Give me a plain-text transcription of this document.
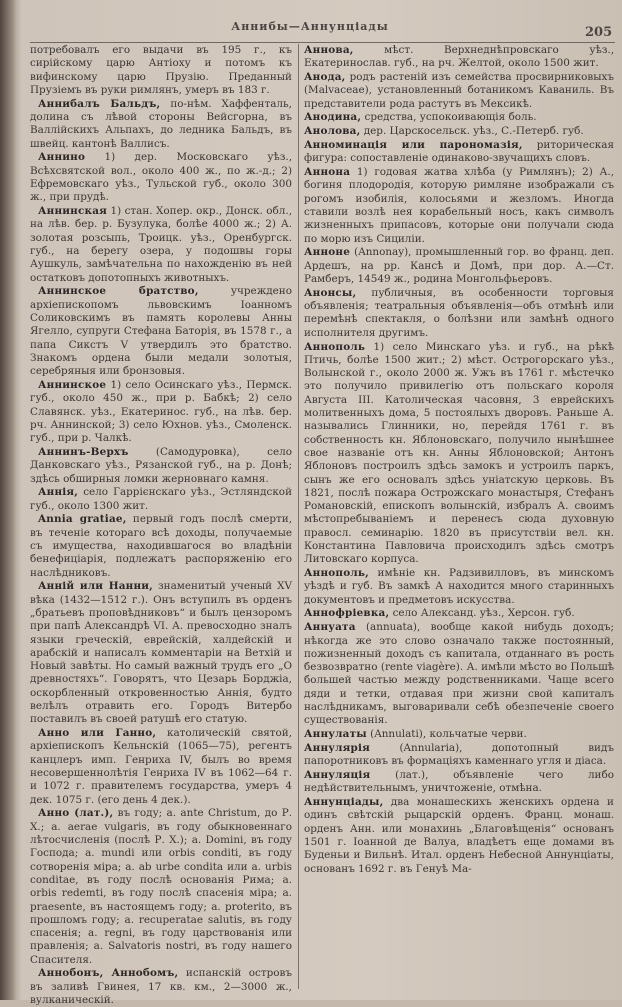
Аннибы—Аннунціады	205

потребовалъ его выдачи въ 195 г., къ сирійскому царю Антіоху и потомъ къ вифинскому царю Прузію. Преданный Прузіемъ въ руки римлянъ, умеръ въ 183 г.

Аннибалъ Бальдъ, по-нѣм. Хаффенталь, долина съ лѣвой стороны Вейсгорна, въ Валлійскихъ Альпахъ, до ледника Бальдъ, въ швейц. кантонѣ Валлисъ.

Аннино 1) дер. Московскаго уѣз., Всѣхсвятской вол., около 400 ж., по ж.-д.; 2) Ефремовскаго уѣз., Тульской губ., около 300 ж., при прудѣ.

Аннинская 1) стан. Хопер. окр., Донск. обл., на лѣв. бер. р. Бузулука, болѣе 4000 ж.; 2) А. золотая розсыпь, Троицк. уѣз., Оренбургск. губ., на берегу озера, у подошвы горы Аушкуль, замѣчательна по нахожденію въ ней остатковъ допотопныхъ животныхъ.

Аннинское братство,	учреждено архіепископомъ львовскимъ Іоанномъ Соликовскимъ въ память королевы Анны Ягелло, супруги Стефана Баторія, въ 1578 г., а папа Сикстъ V утвердилъ это братство. Знакомъ ордена были медали золотыя, серебряныя или бронзовыя.

Аннинское 1) село Осинскаго уѣз., Пермск. губ., около 450 ж., при р. Бабкѣ; 2) село Славянск. уѣз., Екатеринос. губ., на лѣв. бер. рч. Аннинской; 3) село Юхнов. уѣз., Смоленск. губ., при р. Чалкѣ.

Аннинъ-Верхъ	(Самодуровка), село Данковскаго уѣз., Рязанской губ., на р. Донѣ; здѣсь обширныя ломки жерновнаго камня.

Аннія, село Гаррієнскаго уѣз., Эстляндской губ., около 1300 жит.

Annia gratiae, первый годъ послѣ смерти, въ теченіе котораго всѣ доходы, получаемые съ имущества, находившагося во владѣніи бенефиціарія, подлежатъ распоряженію его наслѣдниковъ.

Анній или Нанни, знаменитый ученый XV вѣка (1432—1512 г.). Онъ вступилъ въ орденъ „братьевъ проповѣдниковъ“ и былъ цензоромъ при папѣ Александрѣ VI. А. превосходно зналъ языки греческій, еврейскій, халдейскій и арабскій и написалъ комментаріи на Ветхій и Новый завѣты. Но самый важный трудъ его „О древностяхъ“. Говорятъ, что Цезарь Борджіа, оскорбленный откровенностью Аннія, будто велѣлъ отравить его. Городъ Витербо поставилъ въ своей ратушѣ его статую.

Анно или Ганно, католическій святой, архіепископъ Кельнскій (1065—75), регентъ канцлеръ имп. Генриха IV, былъ во время несовершеннолѣтія Генриха IV въ 1062—64 г. и 1072 г. правителемъ государства, умеръ 4 дек. 1075 г. (его день 4 дек.).

Анно (лат.), въ году; a. ante Christum, до Р. Х.; a. aerae vulgaris, въ году обыкновеннаго лѣтосчисленія (послѣ Р. Х.); a. Domini, въ году Господа; a. mundi или orbis conditi, въ году сотворенія міра; a. ab urbe condita или a. urbis conditae, въ году послѣ основанія Рима; a. orbis redemti, въ году послѣ спасенія міра; a. praesente, въ настоящемъ году; a. proterito, въ прошломъ году; a. recuperatae salutis, въ году спасенія; a. regni, въ году царствованія или правленія; a. Salvatoris nostri, въ году нашего Спасителя.

Аннобонъ, Аннобомъ, испанскій островъ въ заливѣ Гвинея, 17 кв. км., 2—3000 ж., вулканическій.

Аннова,	мѣст. Верхнеднѣпровскаго уѣз., Екатеринослав. губ., на рч. Желтой, около 1500 жит.

Анода, родъ растеній изъ семейства просвирниковыхъ (Malvaceae), установленный ботаникомъ Каваниль. Въ представители рода растутъ въ Мексикѣ.

Анодина, средства, успокоивающія боль.

Анолова, дер. Царскосельск. уѣз., С.-Петерб. губ.

Анноминація или парономазія, риторическая фигура: сопоставленіе одинаково-звучащихъ словъ.

Аннона 1) годовая жатва хлѣба (у Римлянъ); 2) А., богиня плодородія, которую римляне изображали съ рогомъ изобилія, колосьями и жезломъ. Иногда ставили возлѣ нея корабельный носъ, какъ символъ жизненныхъ припасовъ, которые они получали сюда по морю изъ Сициліи.

Анноне (Annonay), промышленный гор. во франц. деп. Ардешъ, на рр. Кансѣ и Домѣ, при дор. А.—Ст. Рамберъ, 14549 ж., родина Монгольфьеровъ.

Анонсы, публичныя, въ особенности торговыя объявленія; театральныя объявленія—объ отмѣнѣ или перемѣнѣ спектакля, о болѣзни или замѣнѣ одного исполнителя другимъ.

Аннополь 1) село Минскаго уѣз. и губ., на рѣкѣ Птичь, болѣе 1500 жит.; 2) мѣст. Острогорскаго уѣз., Волынской г., около 2000 ж. Ужъ въ 1761 г. мѣстечко это получило привилегію отъ польскаго короля Августа III. Католическая часовня, 3 еврейскихъ молитвенныхъ дома, 5 постоялыхъ дворовъ. Раньше А. назывались Глинники, но, перейдя 1761 г. въ собственность кн. Яблоновскаго, получило нынѣшнее свое названіе отъ кн. Анны Яблоновской; Антонъ Яблоновъ построилъ здѣсь замокъ и устроилъ паркъ, сынъ же его основалъ здѣсь уніатскую церковь. Въ 1821, послѣ пожара Острожскаго монастыря, Стефанъ Романовскій, епископъ волынскій, избралъ А. своимъ мѣстопребываніемъ и перенесъ сюда духовную правосл. семинарію. 1820 въ присутствіи вел. кн. Константина Павловича происходилъ здѣсь смотръ Литовскаго корпуса.

Аннополь, имѣніе кн. Радзивилловъ, въ минскомъ уѣздѣ и губ. Въ замкѣ А находится много старинныхъ документовъ и предметовъ искусства.

Аннофріевка, село Александ. уѣз., Херсон. губ.

Аннуата (annuata), вообще какой нибудь доходъ; нѣкогда же это слово означало также постоянный, пожизненный доходъ съ капитала, отданнаго въ рость безвозвратно (rente viagère). А. имѣли мѣсто во Польшѣ большей частью между родственниками. Чаще всего дяди и тетки, отдавая при жизни свой капиталъ наслѣдникамъ, выговаривали себѣ обезпеченіе своего существованія.

Аннулаты (Annulati), кольчатые черви.

Аннулярія	(Annularia), допотопный видъ папоротниковъ въ формаціяхъ каменнаго угля и діаса.

Аннуляція (лат.), объявленіе чего либо недѣйствительнымъ, уничтоженіе, отмѣна.

Аннунціады, два монашескихъ женскихъ ордена и одинъ свѣтскій рыцарскій орденъ. Франц. монаш. орденъ Анн. или монахинь „Благовѣщенія“ основанъ 1501 г. Іоанной де Валуа, владѣетъ еще домами въ Буденьи и Вильнѣ. Итал. орденъ Небесной Аннунціаты, основанъ 1692 г. въ Генуѣ Ма-
